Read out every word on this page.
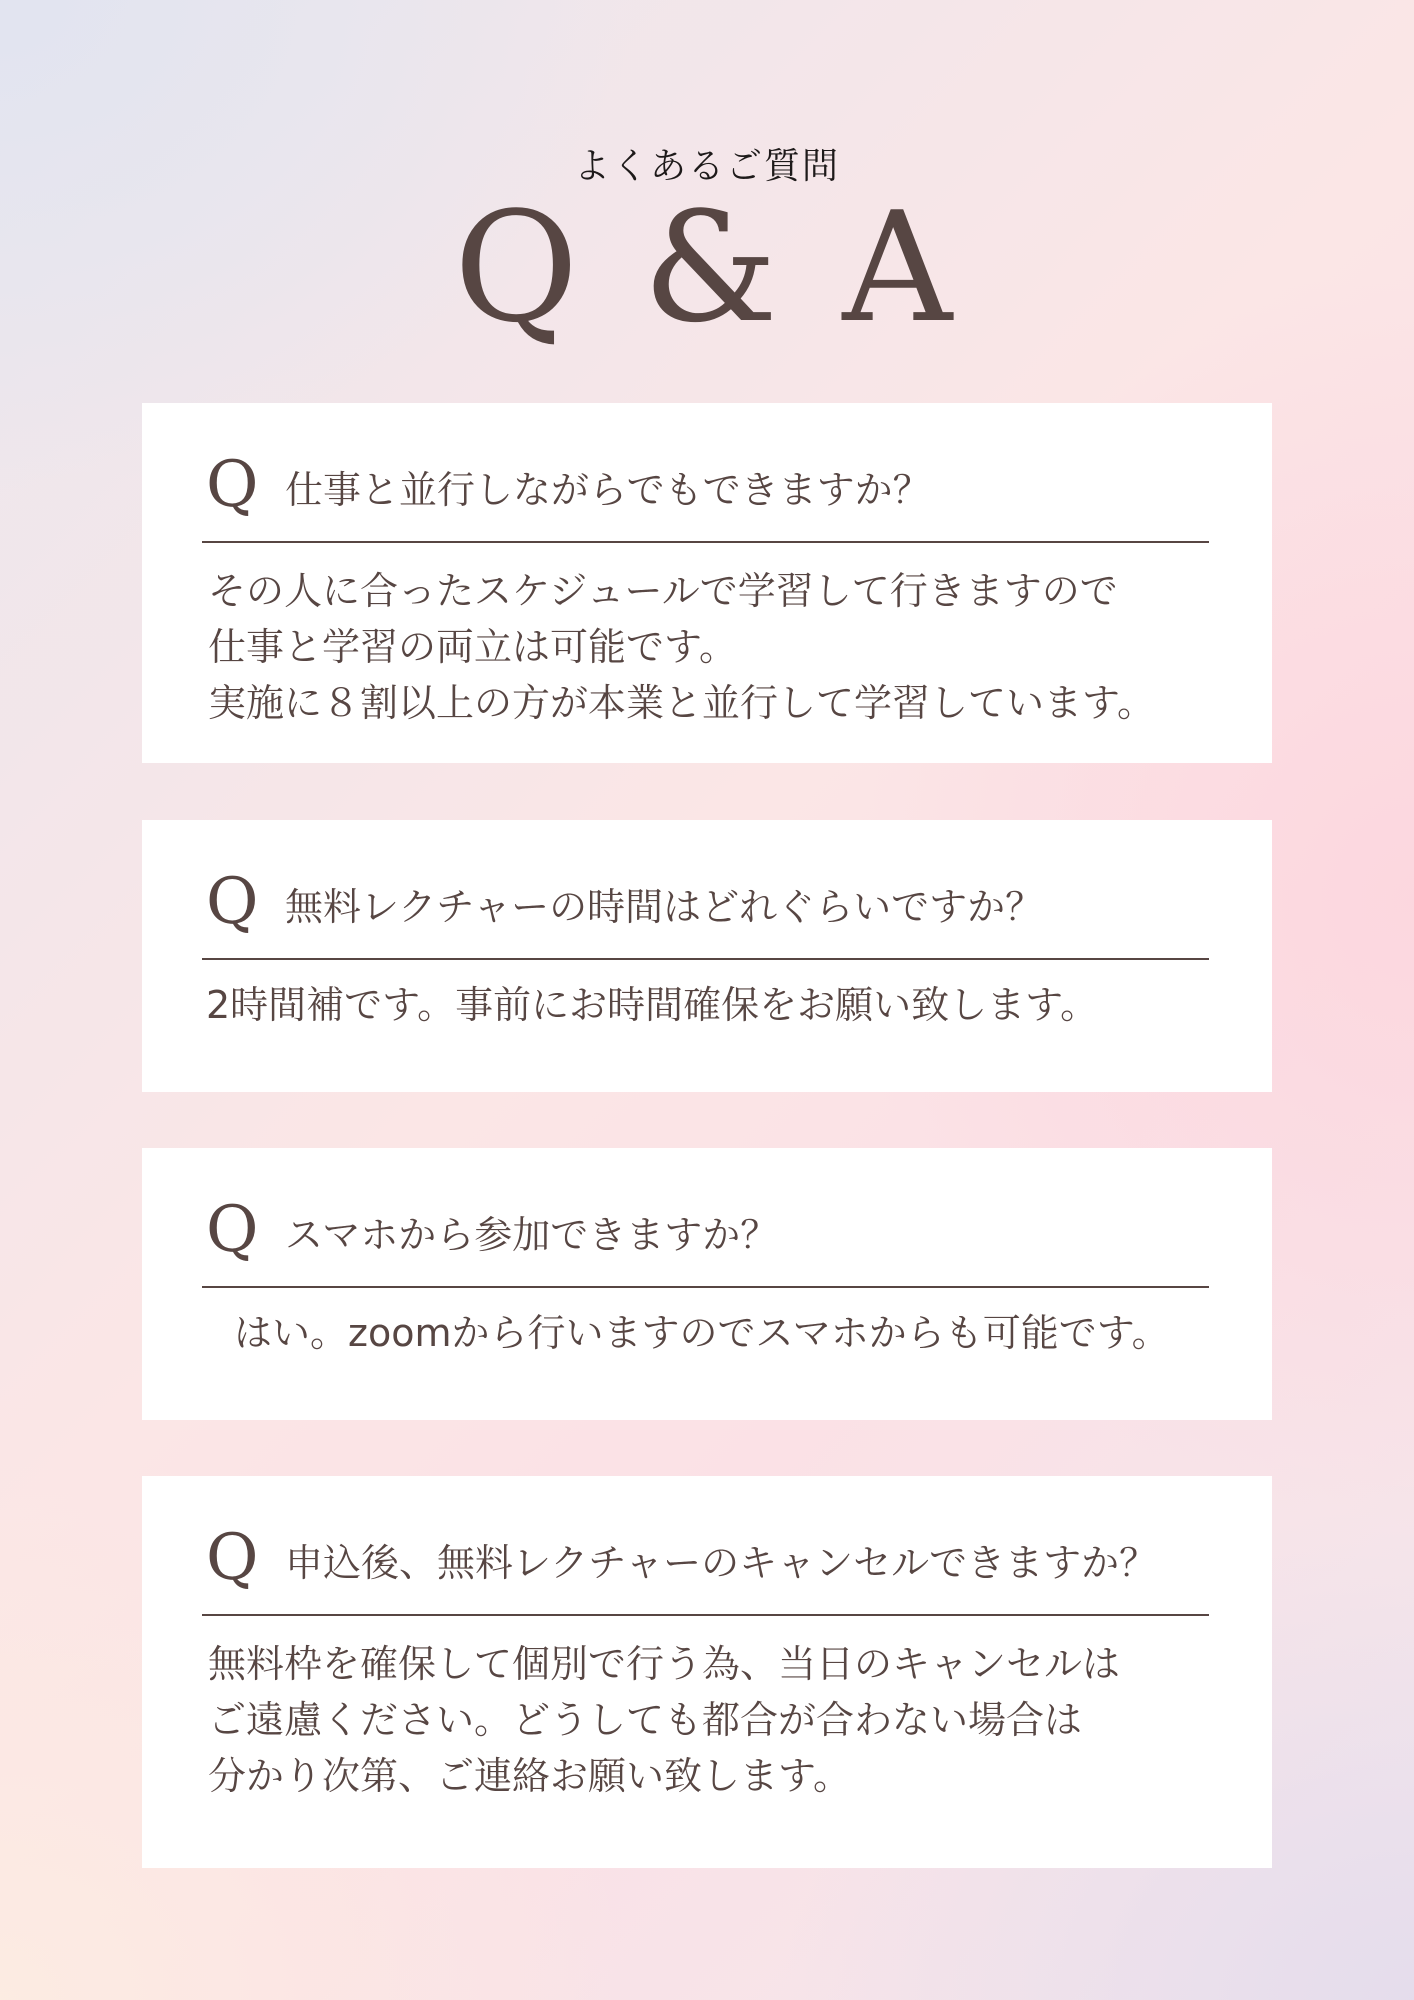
よくあるご質問
Q & A
Q 仕事と並行しながらでもできますか？
その人に合ったスケジュールで学習して行きますので
仕事と学習の両立は可能です。
実施に８割以上の方が本業と並行して学習しています。
Q 無料レクチャーの時間はどれぐらいですか？
2時間補です。事前にお時間確保をお願い致します。
Q スマホから参加できますか？
はい。zoomから行いますのでスマホからも可能です。
Q 申込後、無料レクチャーのキャンセルできますか？
無料枠を確保して個別で行う為、当日のキャンセルは
ご遠慮ください。どうしても都合が合わない場合は
分かり次第、ご連絡お願い致します。
